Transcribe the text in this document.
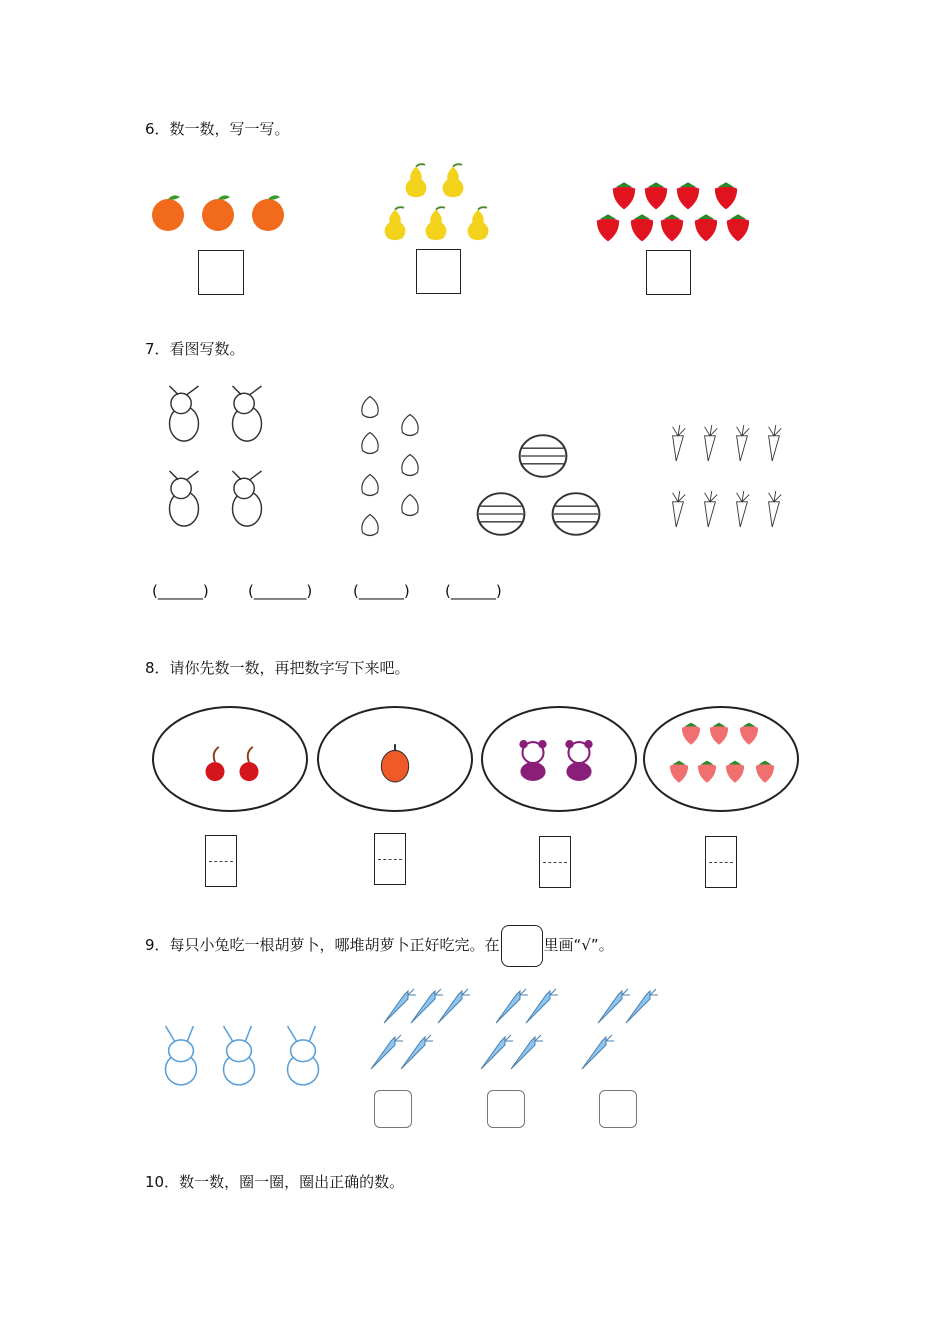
6．数一数，写一写。
7．看图写数。
(______)	(_______)	(______) (______)
8．请你先数一数，再把数字写下来吧。
9．每只小兔吃一根胡萝卜，哪堆胡萝卜正好吃完。在	里画“√”。
10．数一数，圈一圈，圈出正确的数。
